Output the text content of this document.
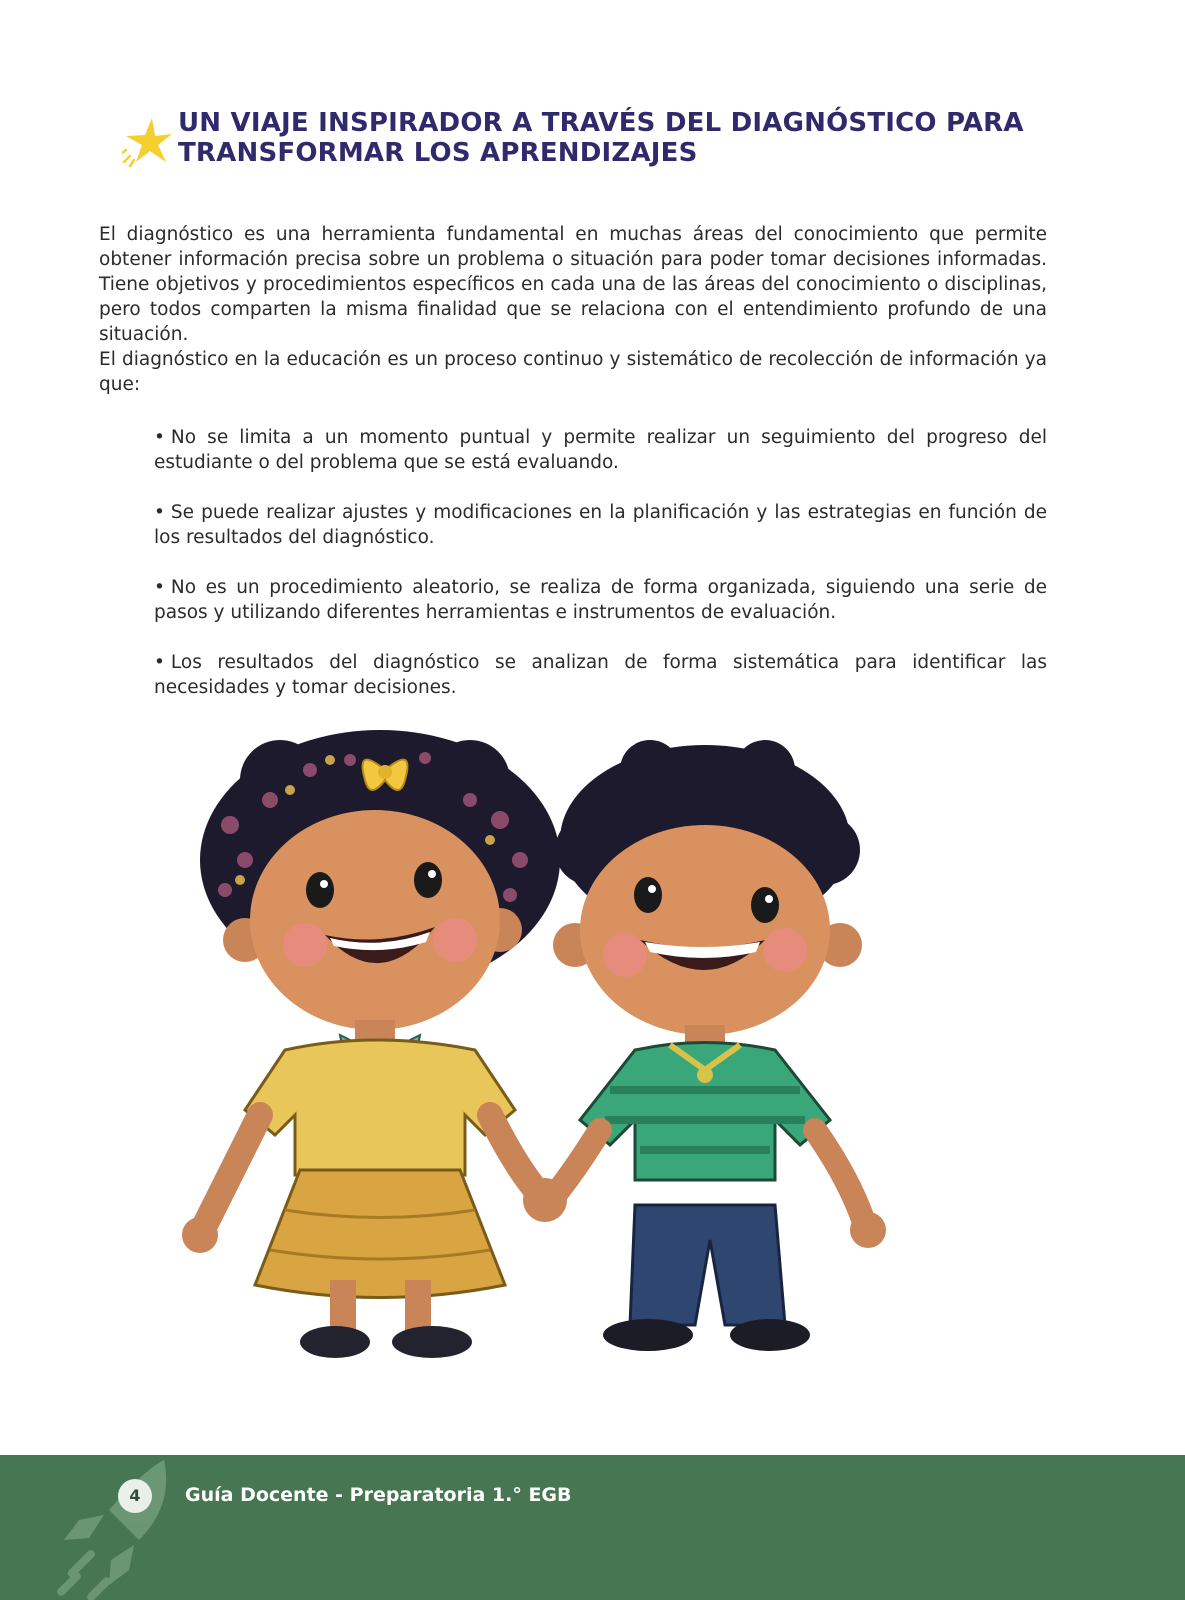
UN VIAJE INSPIRADOR A TRAVÉS DEL DIAGNÓSTICO PARA
TRANSFORMAR LOS APRENDIZAJES

El diagnóstico es una herramienta fundamental en muchas áreas del conocimiento que permite obtener información precisa sobre un problema o situación para poder tomar decisiones informadas. Tiene objetivos y procedimientos específicos en cada una de las áreas del conocimiento o disciplinas, pero todos comparten la misma finalidad que se relaciona con el entendimiento profundo de una situación.

El diagnóstico en la educación es un proceso continuo y sistemático de recolección de información ya que:

• No se limita a un momento puntual y permite realizar un seguimiento del progreso del estudiante o del problema que se está evaluando.
• Se puede realizar ajustes y modificaciones en la planificación y las estrategias en función de los resultados del diagnóstico.
• No es un procedimiento aleatorio, se realiza de forma organizada, siguiendo una serie de pasos y utilizando diferentes herramientas e instrumentos de evaluación.
• Los resultados del diagnóstico se analizan de forma sistemática para identificar las necesidades y tomar decisiones.
4	Guía Docente - Preparatoria 1.° EGB
